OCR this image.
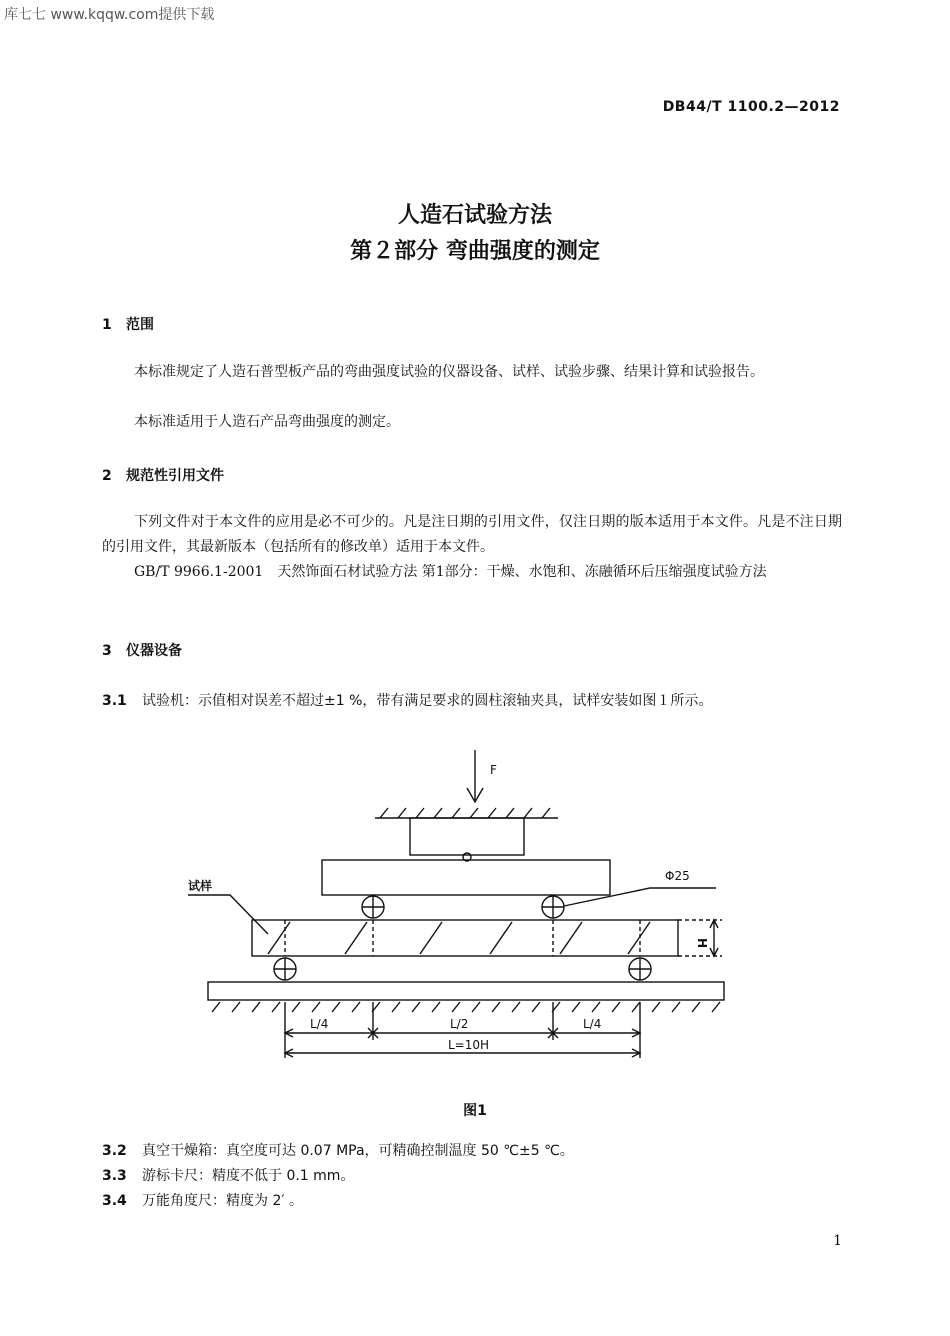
库七七 www.kqqw.com提供下载
DB44/T 1100.2—2012
人造石试验方法
第２部分 弯曲强度的测定
1 范围
本标准规定了人造石普型板产品的弯曲强度试验的仪器设备、试样、试验步骤、结果计算和试验报告。
本标准适用于人造石产品弯曲强度的测定。
2 规范性引用文件
下列文件对于本文件的应用是必不可少的。凡是注日期的引用文件，仅注日期的版本适用于本文件。凡是不注日期的引用文件，其最新版本（包括所有的修改单）适用于本文件。
GB/T 9966.1-2001　天然饰面石材试验方法 第1部分：干燥、水饱和、冻融循环后压缩强度试验方法
3 仪器设备
3.1 试验机：示值相对误差不超过±1 %，带有满足要求的圆柱滚轴夹具，试样安装如图１所示。
F
Φ25
试样
H
L/4	L/2	L/4
L=10H
图1
3.2 真空干燥箱：真空度可达 0.07 MPa，可精确控制温度 50 ℃±5 ℃。
3.3 游标卡尺：精度不低于 0.1 mm。
3.4 万能角度尺：精度为 2′ 。
1
